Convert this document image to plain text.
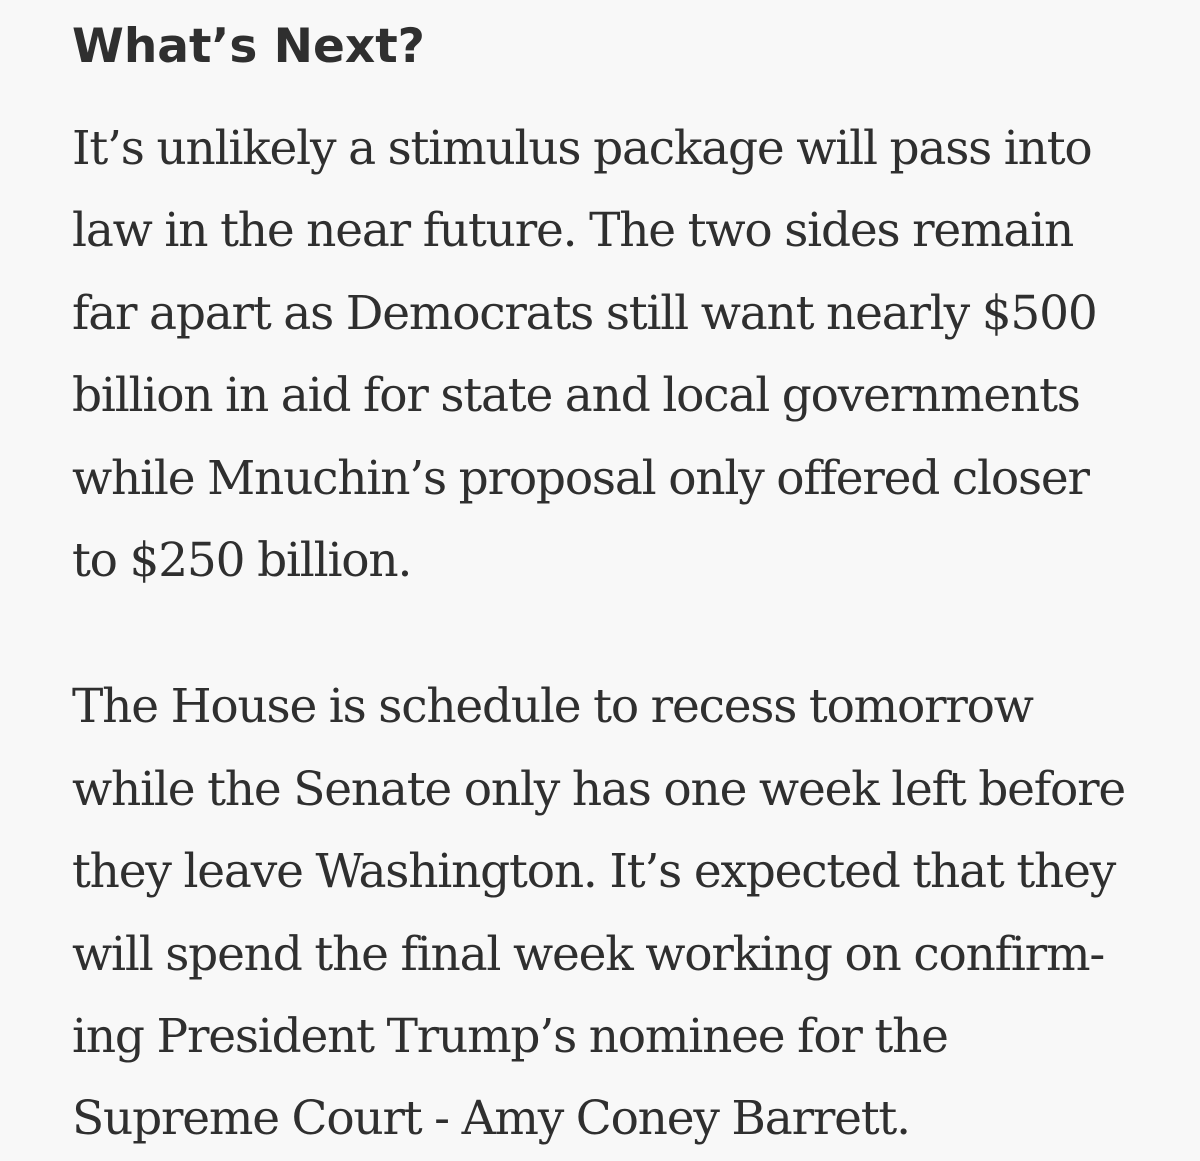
What’s Next?

It’s unlikely a stimulus package will pass into
law in the near future. The two sides remain
far apart as Democrats still want nearly $500
billion in aid for state and local governments
while Mnuchin’s proposal only offered closer
to $250 billion.

The House is schedule to recess tomorrow
while the Senate only has one week left before
they leave Washington. It’s expected that they
will spend the final week working on confirm-
ing President Trump’s nominee for the
Supreme Court - Amy Coney Barrett.
